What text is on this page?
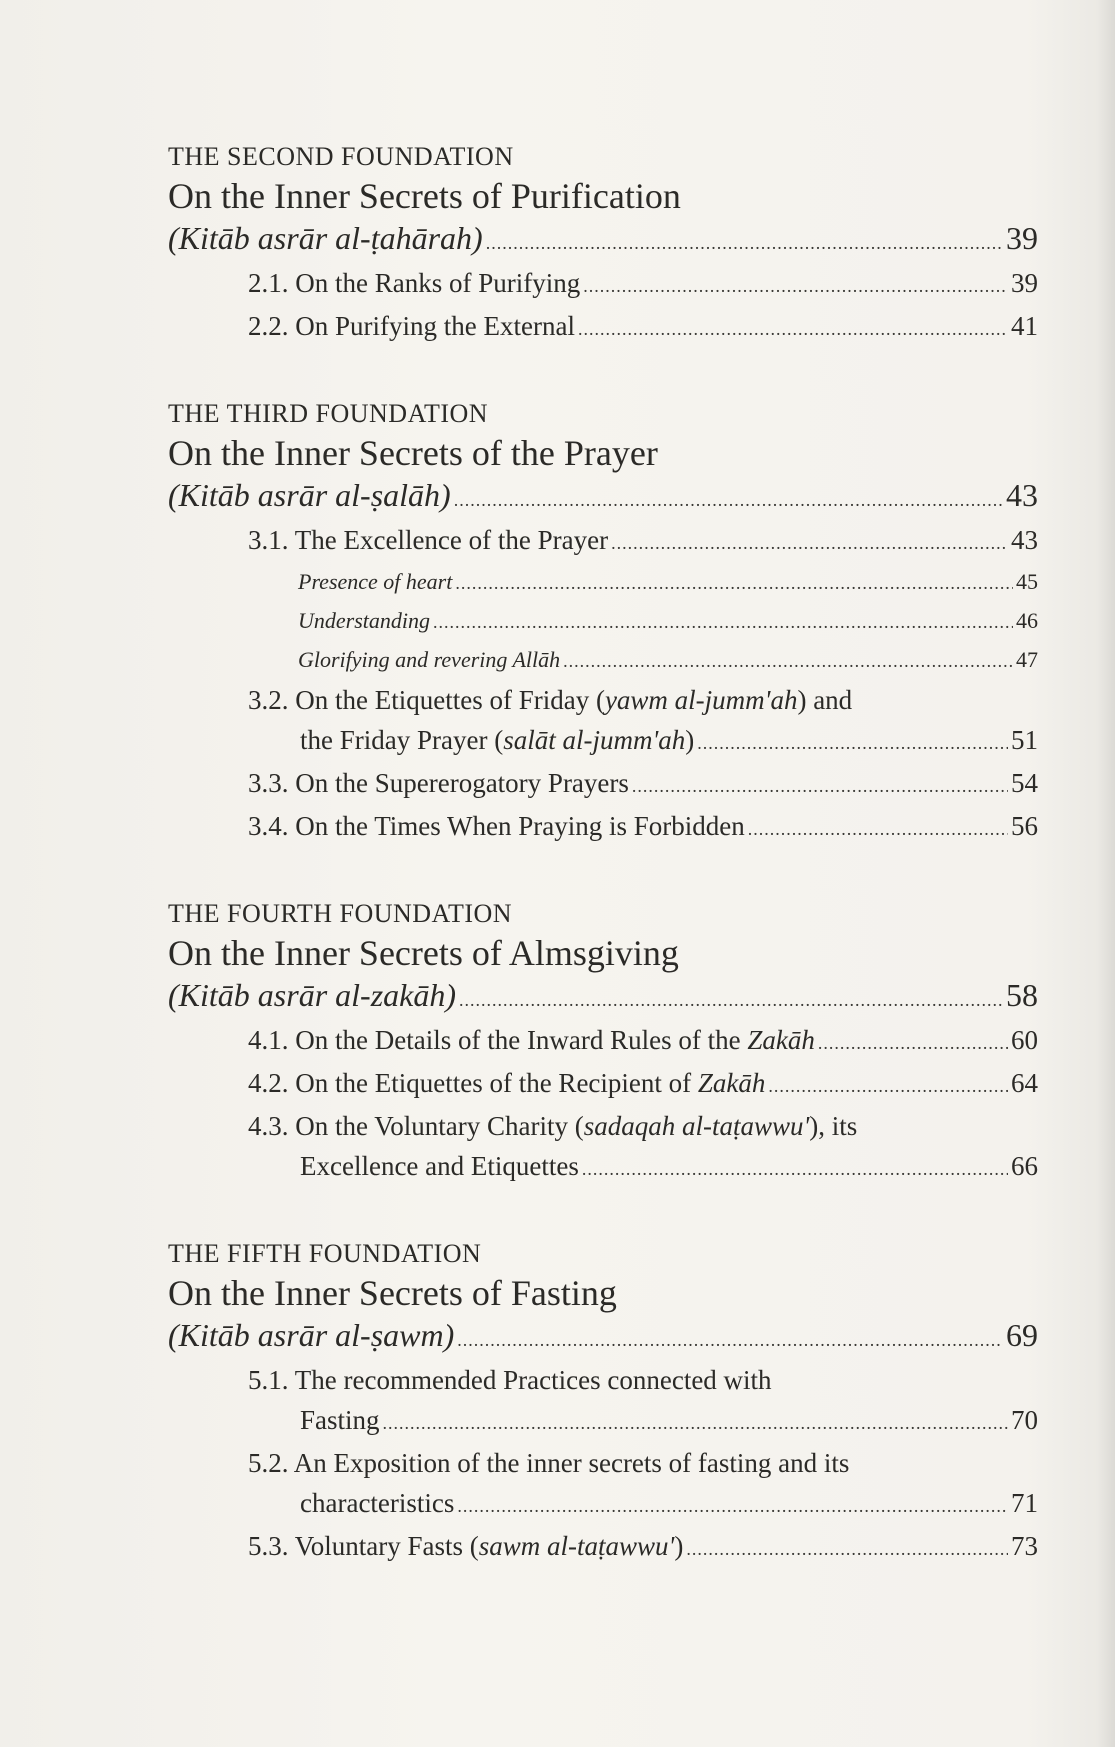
THE SECOND FOUNDATION

On the Inner Secrets of Purification

(Kitāb asrār al-ṭahārah) .....	39
2.1. On the Ranks of Purifying .....	39
2.2. On Purifying the External .....	41

THE THIRD FOUNDATION

On the Inner Secrets of the Prayer

(Kitāb asrār al-ṣalāh) .....	43
3.1. The Excellence of the Prayer .....	43
Presence of heart .....	45
Understanding .....	46
Glorifying and revering Allāh .....	47
3.2. On the Etiquettes of Friday (yawm al-jumm'ah) and
the Friday Prayer (salāt al-jumm'ah) .....	51
3.3. On the Supererogatory Prayers .....	54
3.4. On the Times When Praying is Forbidden .....	56

THE FOURTH FOUNDATION

On the Inner Secrets of Almsgiving

(Kitāb asrār al-zakāh) .....	58
4.1. On the Details of the Inward Rules of the Zakāh .....	60
4.2. On the Etiquettes of the Recipient of Zakāh .....	64
4.3. On the Voluntary Charity (sadaqah al-taṭawwu'), its
Excellence and Etiquettes .....	66

THE FIFTH FOUNDATION

On the Inner Secrets of Fasting

(Kitāb asrār al-ṣawm) .....	69
5.1. The recommended Practices connected with
Fasting .....	70
5.2. An Exposition of the inner secrets of fasting and its
characteristics .....	71
5.3. Voluntary Fasts (sawm al-taṭawwu') .....	73
